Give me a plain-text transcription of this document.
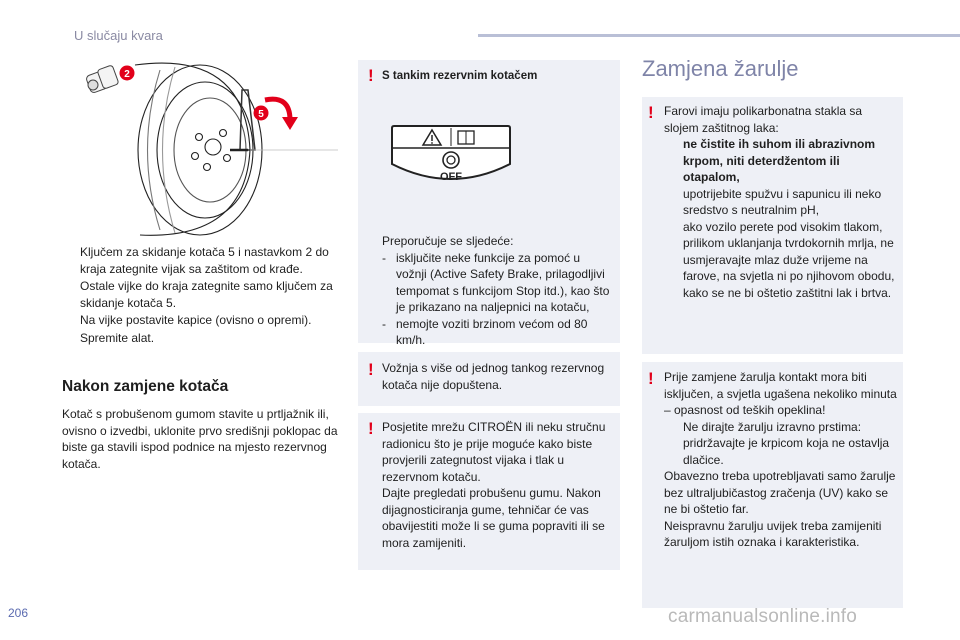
U slučaju kvara
2
5
Ključem za skidanje kotača 5 i nastavkom 2 do kraja zategnite vijak sa zaštitom od krađe.
Ostale vijke do kraja zategnite samo ključem za skidanje kotača 5.
Na vijke postavite kapice (ovisno o opremi).
Spremite alat.
Nakon zamjene kotača
Kotač s probušenom gumom stavite u prtljažnik ili, ovisno o izvedbi, uklonite prvo središnji poklopac da biste ga stavili ispod podnice na mjesto rezervnog kotača.
! S tankim rezervnim kotačem
OFF
Preporučuje se sljedeće:
- isključite neke funkcije za pomoć u vožnji (Active Safety Brake, prilagodljivi tempomat s funkcijom Stop itd.), kao što je prikazano na naljepnici na kotaču,
- nemojte voziti brzinom većom od 80 km/h.
! Vožnja s više od jednog tankog rezervnog kotača nije dopuštena.
! Posjetite mrežu CITROËN ili neku stručnu radionicu što je prije moguće kako biste provjerili zategnutost vijaka i tlak u rezervnom kotaču.
Dajte pregledati probušenu gumu. Nakon dijagnosticiranja gume, tehničar će vas obavijestiti može li se guma popraviti ili se mora zamijeniti.
Zamjena žarulje
! Farovi imaju polikarbonatna stakla sa slojem zaštitnog laka:
ne čistite ih suhom ili abrazivnom krpom, niti deterdžentom ili otapalom,
upotrijebite spužvu i sapunicu ili neko sredstvo s neutralnim pH,
ako vozilo perete pod visokim tlakom, prilikom uklanjanja tvrdokornih mrlja, ne usmjeravajte mlaz duže vrijeme na farove, na svjetla ni po njihovom obodu, kako se ne bi oštetio zaštitni lak i brtva.
! Prije zamjene žarulja kontakt mora biti isključen, a svjetla ugašena nekoliko minuta – opasnost od teških opeklina!
Ne dirajte žarulju izravno prstima: pridržavajte je krpicom koja ne ostavlja dlačice.
Obavezno treba upotrebljavati samo žarulje bez ultraljubičastog zračenja (UV) kako se ne bi oštetio far.
Neispravnu žarulju uvijek treba zamijeniti žaruljom istih oznaka i karakteristika.
206	carmanualsonline.info
